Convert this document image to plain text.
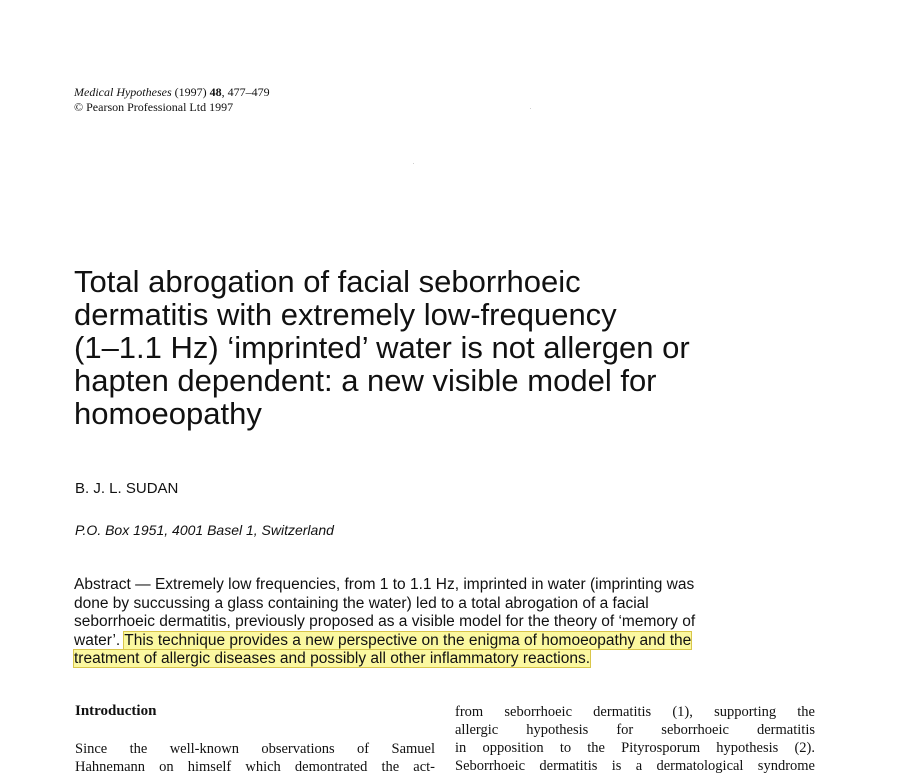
Medical Hypotheses (1997) 48, 477–479
© Pearson Professional Ltd 1997
Total abrogation of facial seborrhoeic
dermatitis with extremely low-frequency
(1–1.1 Hz) ‘imprinted’ water is not allergen or
hapten dependent: a new visible model for
homoeopathy
B. J. L. SUDAN
P.O. Box 1951, 4001 Basel 1, Switzerland
Abstract — Extremely low frequencies, from 1 to 1.1 Hz, imprinted in water (imprinting was
done by succussing a glass containing the water) led to a total abrogation of a facial
seborrhoeic dermatitis, previously proposed as a visible model for the theory of ‘memory of
water’. This technique provides a new perspective on the enigma of homoeopathy and the
treatment of allergic diseases and possibly all other inflammatory reactions.
Introduction
Since the well-known observations of Samuel
Hahnemann on himself which demontrated the act-
from seborrhoeic dermatitis (1), supporting the
allergic hypothesis for seborrhoeic dermatitis
in opposition to the Pityrosporum hypothesis (2).
Seborrhoeic dermatitis is a dermatological syndrome
